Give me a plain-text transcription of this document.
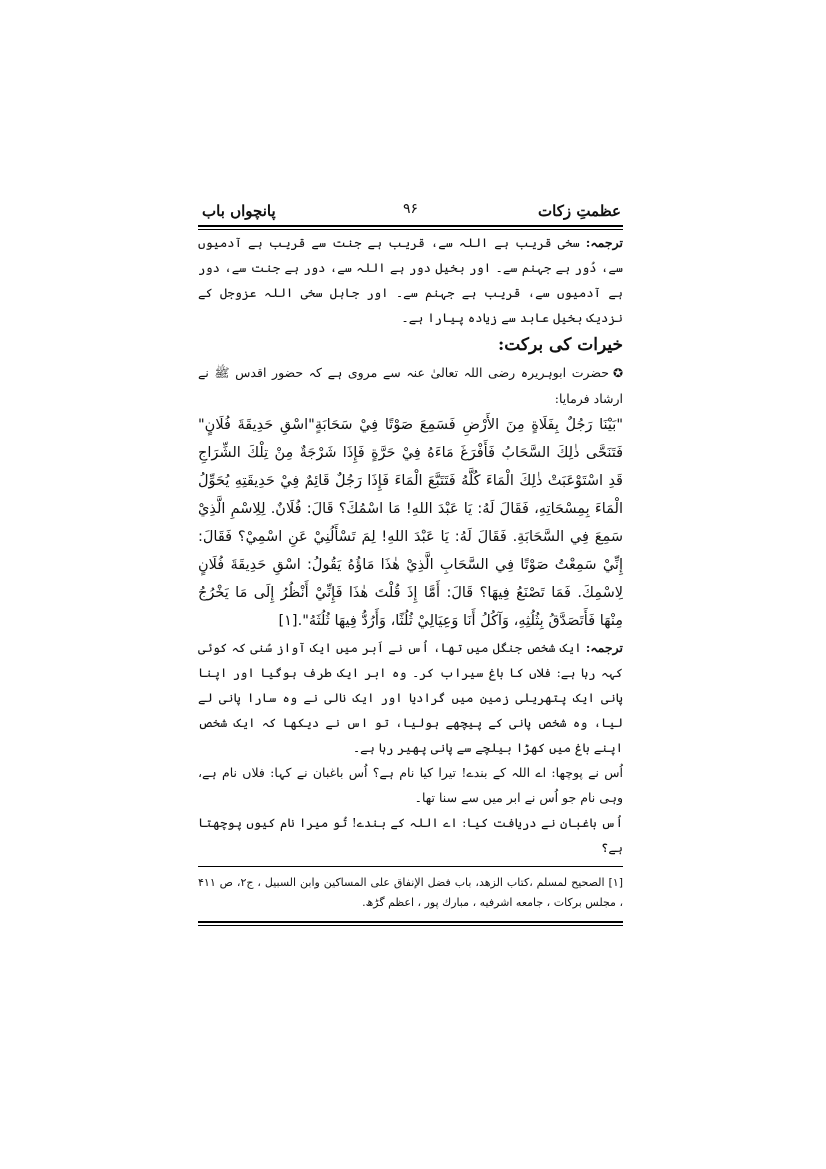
عظمتِ زکات
۹۶
پانچواں باب

ترجمہ: سخی قریب ہے اللہ سے، قریب ہے جنت سے قریب ہے آدمیوں سے، دُور ہے جہنم سے۔ اور بخیل دور ہے اللہ سے، دور ہے جنت سے، دور ہے آدمیوں سے، قریب ہے جہنم سے۔ اور جاہل سخی اللہ عزوجل کے نزدیک بخیل عابد سے زیادہ پیارا ہے۔

خیرات کی برکت:

✪حضرت ابوہریرہ رضی اللہ تعالیٰ عنہ سے مروی ہے کہ حضور اقدس ﷺ نے ارشاد فرمایا:

"بَيْنَا رَجُلٌ بِفَلَاةٍ مِنَ الأَرْضِ فَسَمِعَ صَوْتًا فِيْ سَحَابَةٍ"اسْقِ حَدِيقَةَ فُلَانٍ" فَتَنَحَّى ذٰلِكَ السَّحَابُ فَأَفْرَغَ مَاءَهُ فِيْ حَرَّةٍ فَإِذَا شَرْجَةٌ مِنْ تِلْكَ الشِّرَاجِ قَدِ اسْتَوْعَبَتْ ذٰلِكَ الْمَاءَ كُلَّهُ فَتَتَبَّعَ الْمَاءَ فَإِذَا رَجُلٌ قَائِمٌ فِيْ حَدِيقَتِهِ يُحَوِّلُ الْمَاءَ بِمِسْحَاتِهِ، فَقَالَ لَهُ: يَا عَبْدَ اللهِ! مَا اسْمُكَ؟ قَالَ: فُلَانٌ. لِلِاسْمِ الَّذِيْ سَمِعَ فِي السَّحَابَةِ. فَقَالَ لَهُ: يَا عَبْدَ اللهِ! لِمَ تَسْأَلُنِيْ عَنِ اسْمِيْ؟ فَقَالَ: إِنِّيْ سَمِعْتُ صَوْتًا فِي السَّحَابِ الَّذِيْ هٰذَا مَاؤُهُ يَقُولُ: اسْقِ حَدِيقَةَ فُلَانٍ لِاسْمِكَ. فَمَا تَصْنَعُ فِيهَا؟ قَالَ: أَمَّا إِذَ قُلْتَ هٰذَا فَإِنِّيْ أَنْظُرُ إِلَى مَا يَخْرُجُ مِنْهَا فَأَتَصَدَّقُ بِثُلُثِهِ، وَآكُلُ أَنَا وَعِيَالِيْ ثُلُثًا، وَأَرُدُّ فِيهَا ثُلُثَهُ".[۱]

ترجمہ: ایک شخص جنگل میں تھا، اُس نے اَبر میں ایک آواز سُنی کہ کوئی کہہ رہا ہے: فلاں کا باغ سیراب کر۔ وہ ابر ایک طرف ہوگیا اور اپنا پانی ایک پتھریلی زمین میں گرادیا اور ایک نالی نے وہ سارا پانی لے لیا، وہ شخص پانی کے پیچھے ہولیا، تو اس نے دیکھا کہ ایک شخص اپنے باغ میں کھڑا بیلچے سے پانی پھیر رہا ہے۔

اُس نے پوچھا: اے اللہ کے بندے! تیرا کیا نام ہے؟ اُس باغبان نے کہا: فلاں نام ہے، وہی نام جو اُس نے ابر میں سے سنا تھا۔

اُس باغبان نے دریافت کیا: اے اللہ کے بندے! تُو میرا نام کیوں پوچھتا ہے؟

[۱] الصحيح لمسلم ،كتاب الزهد، باب فضل الإنفاق على المساكين وابن السبيل ، ج۲، ص ۴۱۱ ، مجلس بركات ، جامعه اشرفيه ، مبارك پور ، اعظم گڑھ.
